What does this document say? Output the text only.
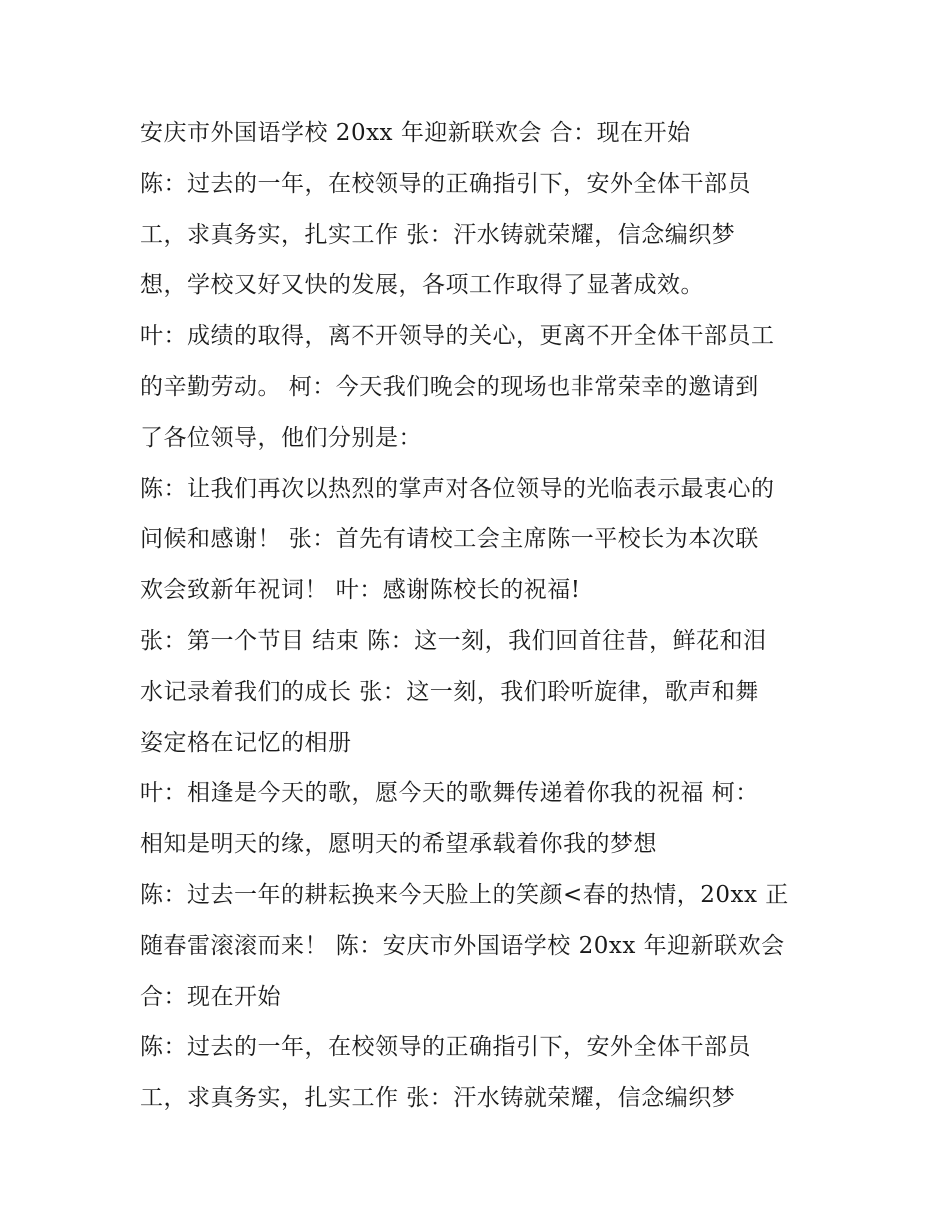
安庆市外国语学校 20xx 年迎新联欢会 合：现在开始
陈：过去的一年，在校领导的正确指引下，安外全体干部员
工，求真务实，扎实工作 张：汗水铸就荣耀，信念编织梦
想，学校又好又快的发展，各项工作取得了显著成效。
叶：成绩的取得，离不开领导的关心，更离不开全体干部员工
的辛勤劳动。 柯：今天我们晚会的现场也非常荣幸的邀请到
了各位领导，他们分别是：
陈：让我们再次以热烈的掌声对各位领导的光临表示最衷心的
问候和感谢！ 张：首先有请校工会主席陈一平校长为本次联
欢会致新年祝词！ 叶：感谢陈校长的祝福!
张：第一个节目 结束 陈：这一刻，我们回首往昔，鲜花和泪
水记录着我们的成长 张：这一刻，我们聆听旋律，歌声和舞
姿定格在记忆的相册
叶：相逢是今天的歌，愿今天的歌舞传递着你我的祝福 柯：
相知是明天的缘，愿明天的希望承载着你我的梦想
陈：过去一年的耕耘换来今天脸上的笑颜<春的热情，20xx 正
随春雷滚滚而来！ 陈：安庆市外国语学校 20xx 年迎新联欢会
合：现在开始
陈：过去的一年，在校领导的正确指引下，安外全体干部员
工，求真务实，扎实工作 张：汗水铸就荣耀，信念编织梦
